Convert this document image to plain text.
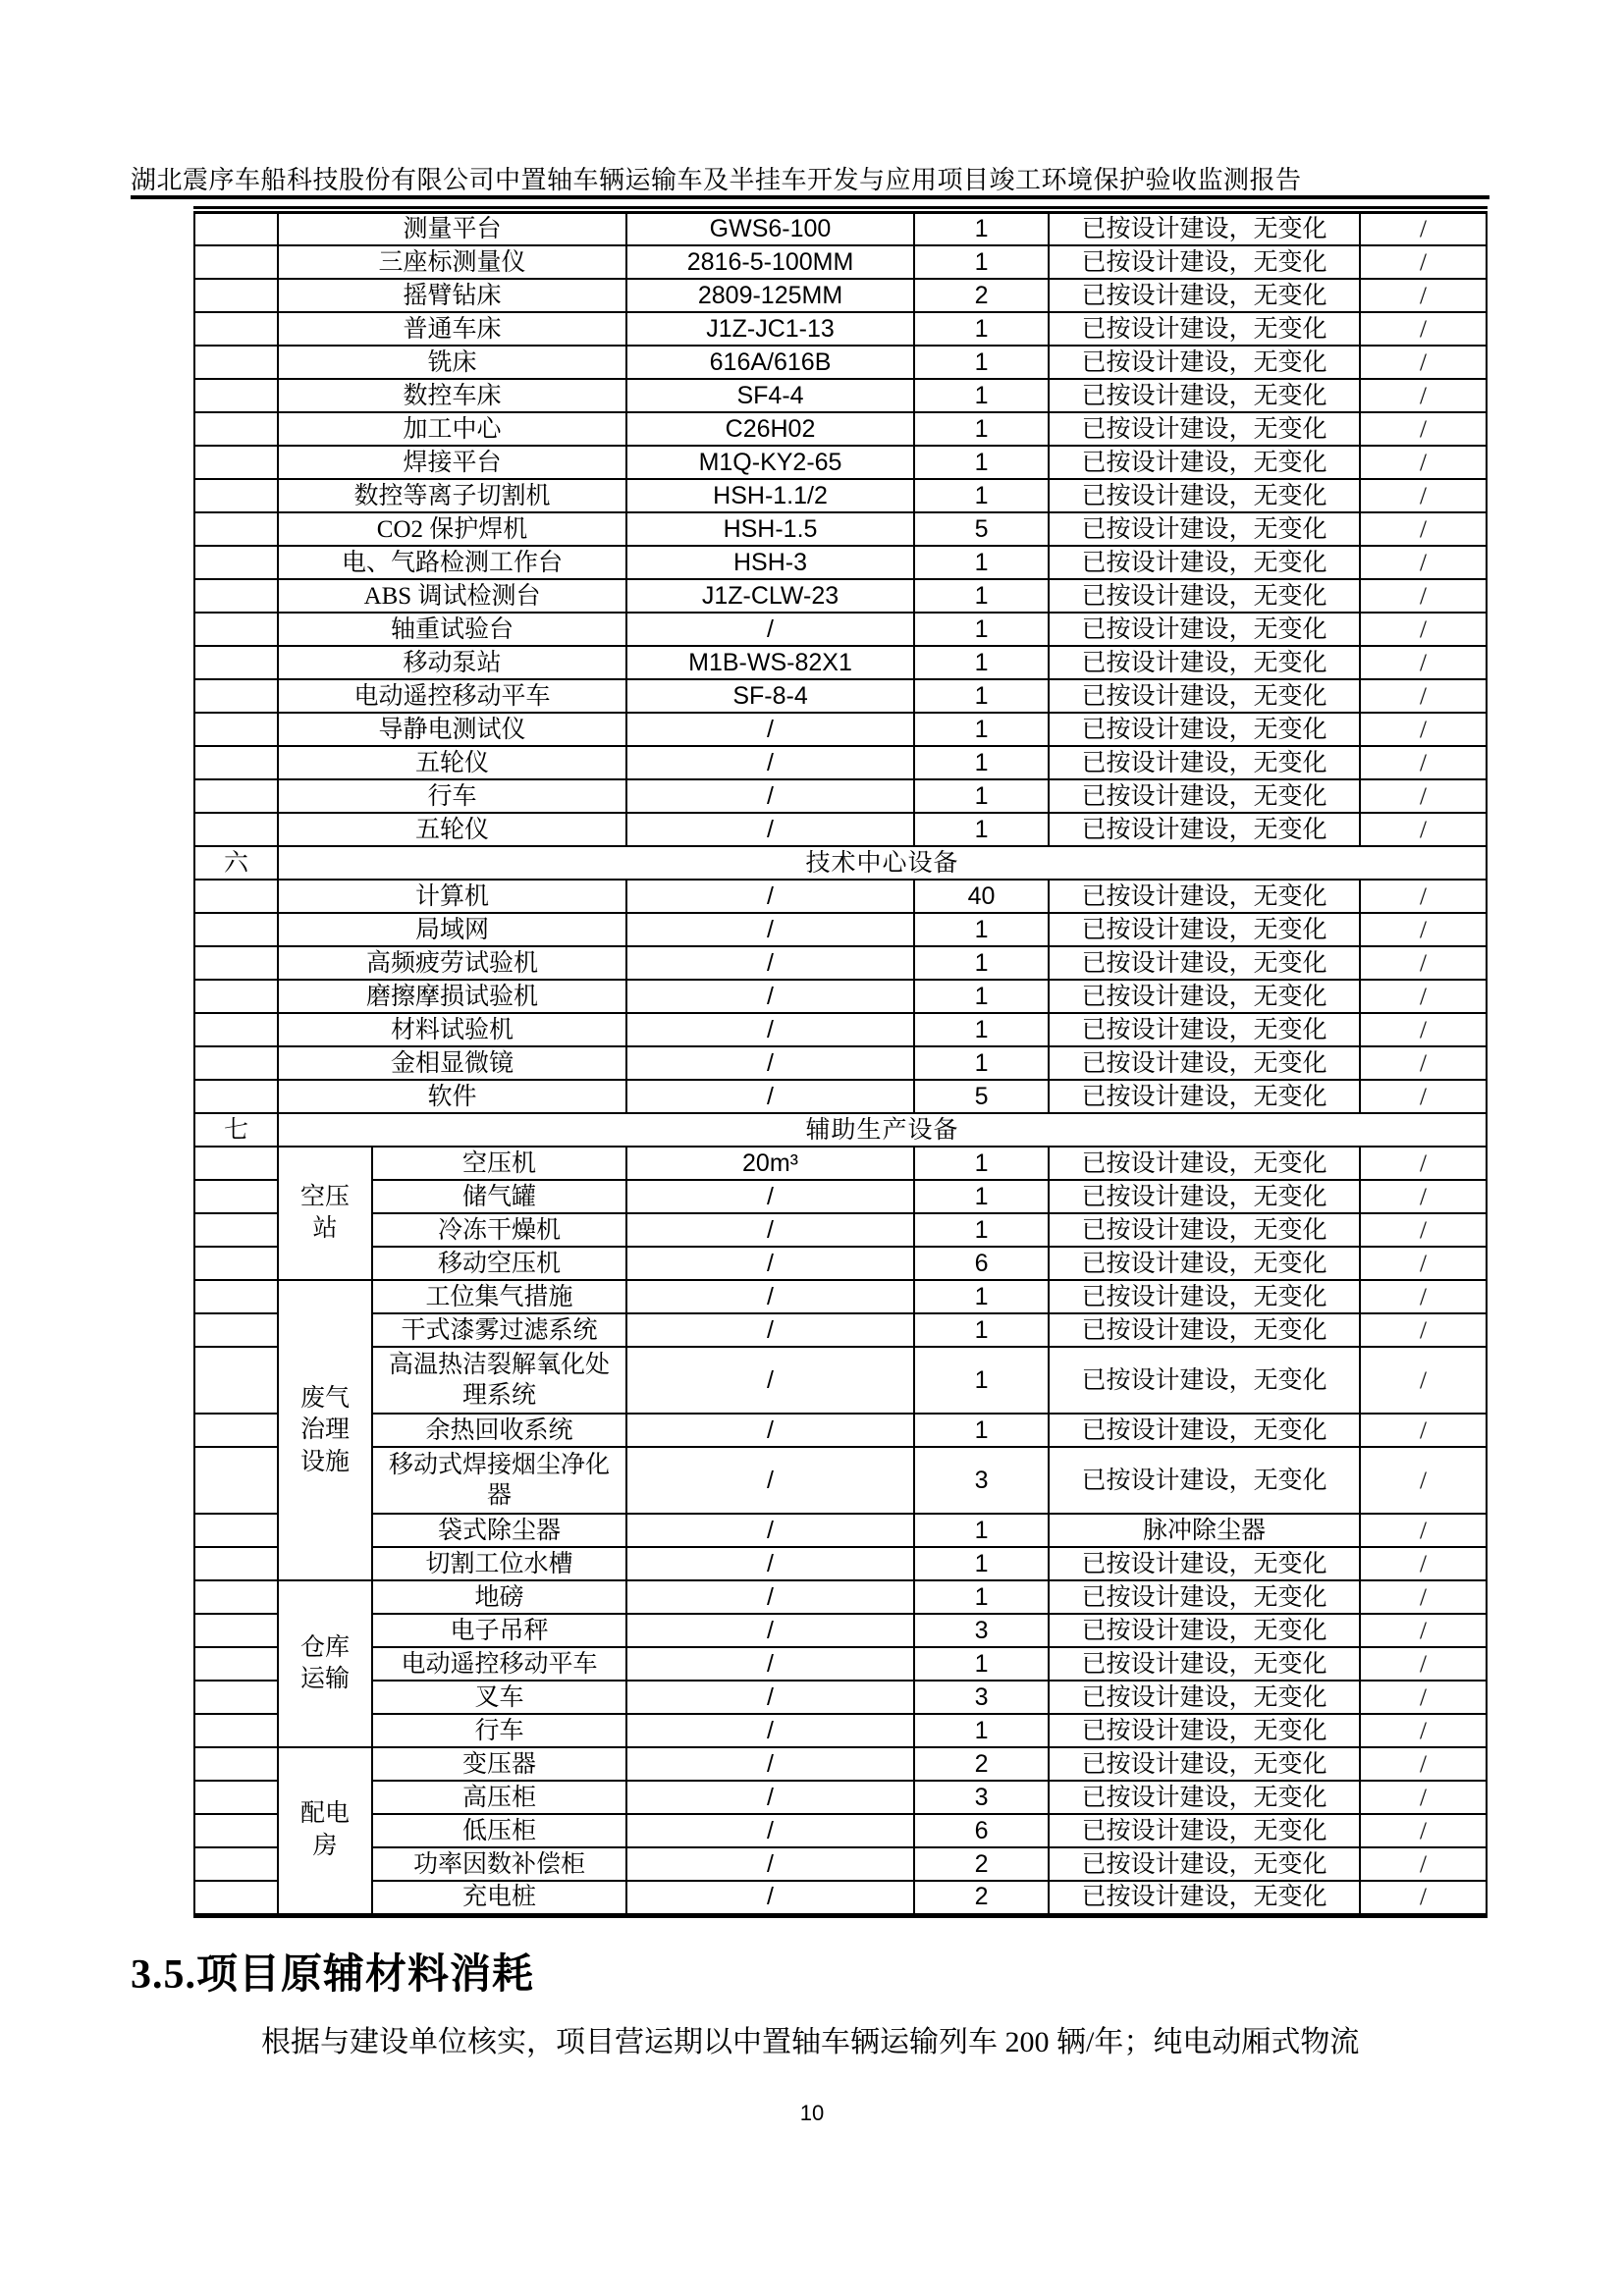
湖北震序车船科技股份有限公司中置轴车辆运输车及半挂车开发与应用项目竣工环境保护验收监测报告
	测量平台		GWS6-100	1	已按设计建设，无变化	/
	三座标测量仪		2816-5-100MM	1	已按设计建设，无变化	/
	摇臂钻床		2809-125MM	2	已按设计建设，无变化	/
	普通车床		J1Z-JC1-13	1	已按设计建设，无变化	/
	铣床		616A/616B	1	已按设计建设，无变化	/
	数控车床		SF4-4	1	已按设计建设，无变化	/
	加工中心		C26H02	1	已按设计建设，无变化	/
	焊接平台		M1Q-KY2-65	1	已按设计建设，无变化	/
	数控等离子切割机		HSH-1.1/2	1	已按设计建设，无变化	/
	CO2 保护焊机		HSH-1.5	5	已按设计建设，无变化	/
	电、气路检测工作台		HSH-3	1	已按设计建设，无变化	/
	ABS 调试检测台		J1Z-CLW-23	1	已按设计建设，无变化	/
	轴重试验台		/	1	已按设计建设，无变化	/
	移动泵站		M1B-WS-82X1	1	已按设计建设，无变化	/
	电动遥控移动平车		SF-8-4	1	已按设计建设，无变化	/
	导静电测试仪		/	1	已按设计建设，无变化	/
	五轮仪		/	1	已按设计建设，无变化	/
	行车		/	1	已按设计建设，无变化	/
	五轮仪		/	1	已按设计建设，无变化	/
六	技术中心设备					
	计算机		/	40	已按设计建设，无变化	/
	局域网		/	1	已按设计建设，无变化	/
	高频疲劳试验机		/	1	已按设计建设，无变化	/
	磨擦摩损试验机		/	1	已按设计建设，无变化	/
	材料试验机		/	1	已按设计建设，无变化	/
	金相显微镜		/	1	已按设计建设，无变化	/
	软件		/	5	已按设计建设，无变化	/
七	辅助生产设备					
	空压站	空压机	20m³	1	已按设计建设，无变化	/
		储气罐	/	1	已按设计建设，无变化	/
		冷冻干燥机	/	1	已按设计建设，无变化	/
		移动空压机	/	6	已按设计建设，无变化	/
	废气治理设施	工位集气措施	/	1	已按设计建设，无变化	/
		干式漆雾过滤系统	/	1	已按设计建设，无变化	/
		高温热洁裂解氧化处理系统	/	1	已按设计建设，无变化	/
		余热回收系统	/	1	已按设计建设，无变化	/
		移动式焊接烟尘净化器	/	3	已按设计建设，无变化	/
		袋式除尘器	/	1	脉冲除尘器	/
		切割工位水槽	/	1	已按设计建设，无变化	/
	仓库运输	地磅	/	1	已按设计建设，无变化	/
		电子吊秤	/	3	已按设计建设，无变化	/
		电动遥控移动平车	/	1	已按设计建设，无变化	/
		叉车	/	3	已按设计建设，无变化	/
		行车	/	1	已按设计建设，无变化	/
	配电房	变压器	/	2	已按设计建设，无变化	/
		高压柜	/	3	已按设计建设，无变化	/
		低压柜	/	6	已按设计建设，无变化	/
		功率因数补偿柜	/	2	已按设计建设，无变化	/
		充电桩	/	2	已按设计建设，无变化	/
3.5.项目原辅材料消耗
根据与建设单位核实，项目营运期以中置轴车辆运输列车 200 辆/年；纯电动厢式物流
10
